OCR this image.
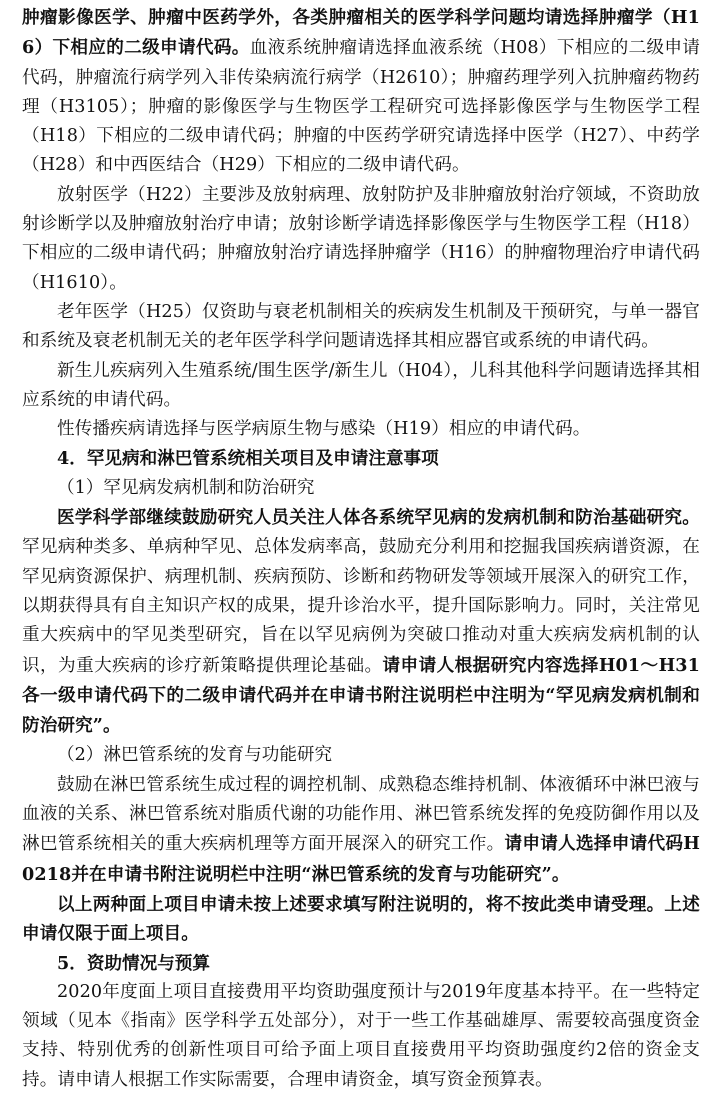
肿瘤影像医学、肿瘤中医药学外，各类肿瘤相关的医学科学问题均请选择肿瘤学（H16）下相应的二级申请代码。血液系统肿瘤请选择血液系统（H08）下相应的二级申请代码，肿瘤流行病学列入非传染病流行病学（H2610）；肿瘤药理学列入抗肿瘤药物药理（H3105）；肿瘤的影像医学与生物医学工程研究可选择影像医学与生物医学工程（H18）下相应的二级申请代码；肿瘤的中医药学研究请选择中医学（H27）、中药学（H28）和中西医结合（H29）下相应的二级申请代码。

放射医学（H22）主要涉及放射病理、放射防护及非肿瘤放射治疗领域，不资助放射诊断学以及肿瘤放射治疗申请；放射诊断学请选择影像医学与生物医学工程（H18）下相应的二级申请代码；肿瘤放射治疗请选择肿瘤学（H16）的肿瘤物理治疗申请代码（H1610）。

老年医学（H25）仅资助与衰老机制相关的疾病发生机制及干预研究，与单一器官和系统及衰老机制无关的老年医学科学问题请选择其相应器官或系统的申请代码。

新生儿疾病列入生殖系统/围生医学/新生儿（H04），儿科其他科学问题请选择其相应系统的申请代码。

性传播疾病请选择与医学病原生物与感染（H19）相应的申请代码。

4．罕见病和淋巴管系统相关项目及申请注意事项
（1）罕见病发病机制和防治研究

医学科学部继续鼓励研究人员关注人体各系统罕见病的发病机制和防治基础研究。罕见病种类多、单病种罕见、总体发病率高，鼓励充分利用和挖掘我国疾病谱资源，在罕见病资源保护、病理机制、疾病预防、诊断和药物研发等领域开展深入的研究工作，以期获得具有自主知识产权的成果，提升诊治水平，提升国际影响力。同时，关注常见重大疾病中的罕见类型研究，旨在以罕见病例为突破口推动对重大疾病发病机制的认识，为重大疾病的诊疗新策略提供理论基础。请申请人根据研究内容选择H01～H31各一级申请代码下的二级申请代码并在申请书附注说明栏中注明为“罕见病发病机制和防治研究”。

（2）淋巴管系统的发育与功能研究

鼓励在淋巴管系统生成过程的调控机制、成熟稳态维持机制、体液循环中淋巴液与血液的关系、淋巴管系统对脂质代谢的功能作用、淋巴管系统发挥的免疫防御作用以及淋巴管系统相关的重大疾病机理等方面开展深入的研究工作。请申请人选择申请代码H0218并在申请书附注说明栏中注明“淋巴管系统的发育与功能研究”。

以上两种面上项目申请未按上述要求填写附注说明的，将不按此类申请受理。上述申请仅限于面上项目。

5．资助情况与预算

2020年度面上项目直接费用平均资助强度预计与2019年度基本持平。在一些特定领域（见本《指南》医学科学五处部分），对于一些工作基础雄厚、需要较高强度资金支持、特别优秀的创新性项目可给予面上项目直接费用平均资助强度约2倍的资金支持。请申请人根据工作实际需要，合理申请资金，填写资金预算表。
